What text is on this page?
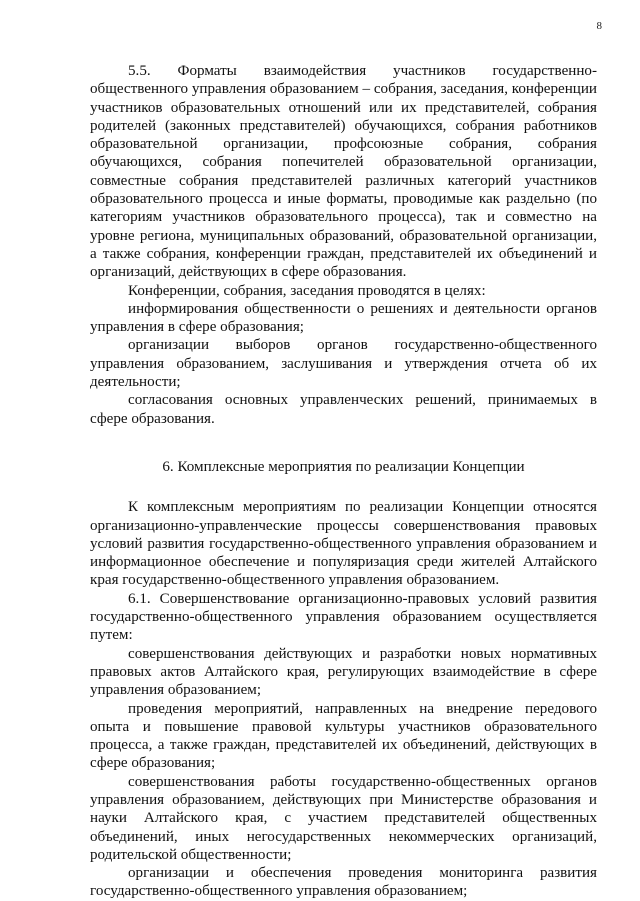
8

5.5. Форматы взаимодействия участников государственно-общественного управления образованием – собрания, заседания, конференции участников образовательных отношений или их представителей, собрания родителей (законных представителей) обучающихся, собрания работников образовательной организации, профсоюзные собрания, собрания обучающихся, собрания попечителей образовательной организации, совместные собрания представителей различных категорий участников образовательного процесса и иные форматы, проводимые как раздельно (по категориям участников образовательного процесса), так и совместно на уровне региона, муниципальных образований, образовательной организации, а также собрания, конференции граждан, представителей их объединений и организаций, действующих в сфере образования.

Конференции, собрания, заседания проводятся в целях:

информирования общественности о решениях и деятельности органов управления в сфере образования;

организации выборов органов государственно-общественного управления образованием, заслушивания и утверждения отчета об их деятельности;

согласования основных управленческих решений, принимаемых в сфере образования.

6. Комплексные мероприятия по реализации Концепции

К комплексным мероприятиям по реализации Концепции относятся организационно-управленческие процессы совершенствования правовых условий развития государственно-общественного управления образованием и информационное обеспечение и популяризация среди жителей Алтайского края государственно-общественного управления образованием.

6.1. Совершенствование организационно-правовых условий развития государственно-общественного управления образованием осуществляется путем:

совершенствования действующих и разработки новых нормативных правовых актов Алтайского края, регулирующих взаимодействие в сфере управления образованием;

проведения мероприятий, направленных на внедрение передового опыта и повышение правовой культуры участников образовательного процесса, а также граждан, представителей их объединений, действующих в сфере образования;

совершенствования работы государственно-общественных органов управления образованием, действующих при Министерстве образования и науки Алтайского края, с участием представителей общественных объединений, иных негосударственных некоммерческих организаций, родительской общественности;

организации и обеспечения проведения мониторинга развития государственно-общественного управления образованием;
